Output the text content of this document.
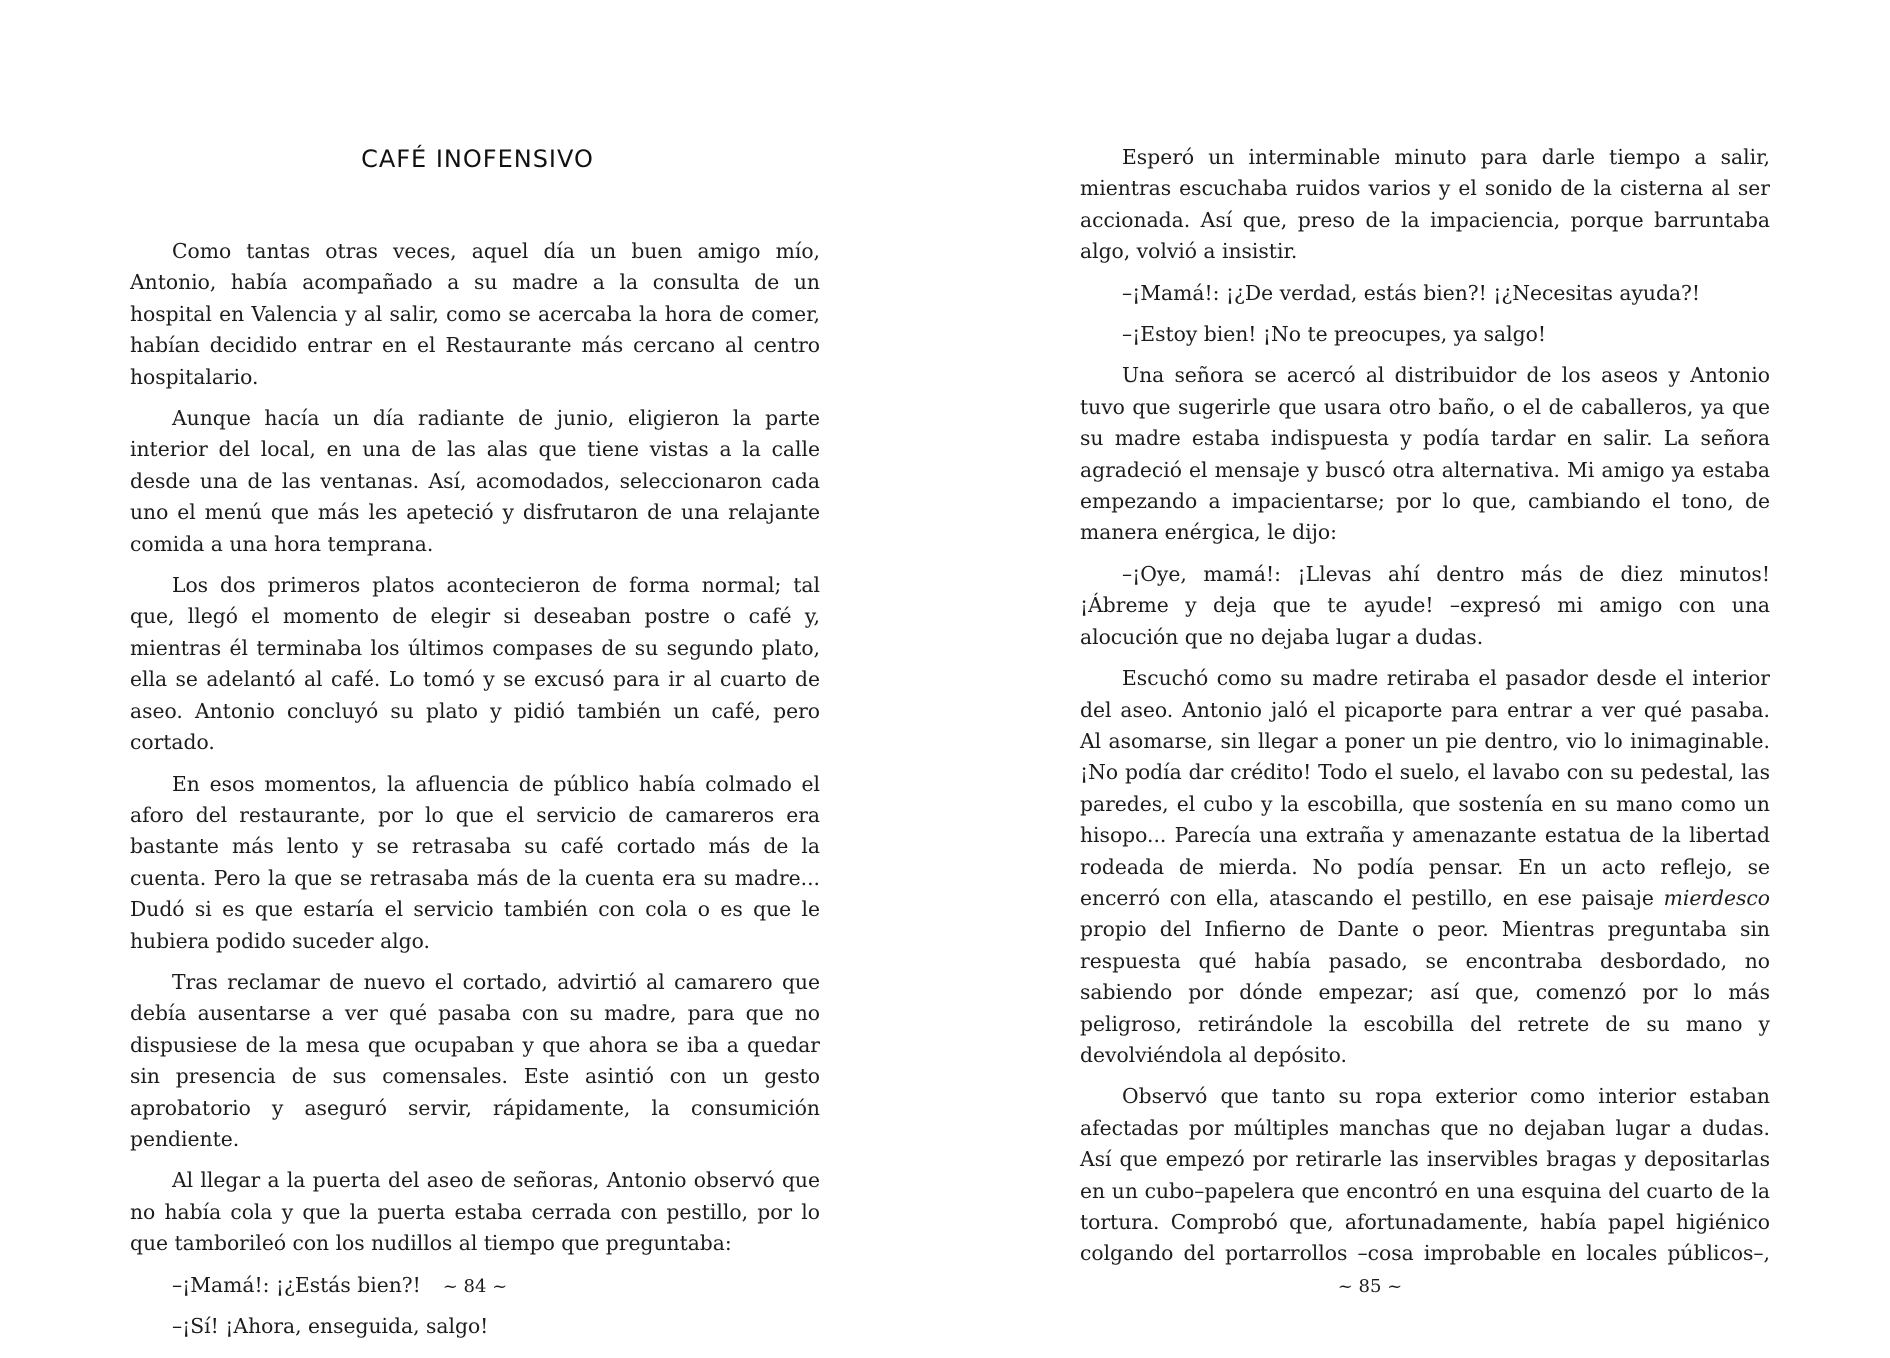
CAFÉ INOFENSIVO

Como tantas otras veces, aquel día un buen amigo mío, Antonio, había acompañado a su madre a la consulta de un hospital en Valencia y al salir, como se acercaba la hora de comer, habían decidido entrar en el Restaurante más cercano al centro hospitalario.

Aunque hacía un día radiante de junio, eligieron la parte interior del local, en una de las alas que tiene vistas a la calle desde una de las ventanas. Así, acomodados, seleccionaron cada uno el menú que más les apeteció y disfrutaron de una relajante comida a una hora temprana.

Los dos primeros platos acontecieron de forma normal; tal que, llegó el momento de elegir si deseaban postre o café y, mientras él terminaba los últimos compases de su segundo plato, ella se adelantó al café. Lo tomó y se excusó para ir al cuarto de aseo. Antonio concluyó su plato y pidió también un café, pero cortado.

En esos momentos, la afluencia de público había colmado el aforo del restaurante, por lo que el servicio de camareros era bastante más lento y se retrasaba su café cortado más de la cuenta. Pero la que se retrasaba más de la cuenta era su madre... Dudó si es que estaría el servicio también con cola o es que le hubiera podido suceder algo.

Tras reclamar de nuevo el cortado, advirtió al camarero que debía ausentarse a ver qué pasaba con su madre, para que no dispusiese de la mesa que ocupaban y que ahora se iba a quedar sin presencia de sus comensales. Este asintió con un gesto aprobatorio y aseguró servir, rápidamente, la consumición pendiente.

Al llegar a la puerta del aseo de señoras, Antonio observó que no había cola y que la puerta estaba cerrada con pestillo, por lo que tamborileó con los nudillos al tiempo que preguntaba:

–¡Mamá!: ¡¿Estás bien?!

–¡Sí! ¡Ahora, enseguida, salgo!

~ 84 ~

Esperó un interminable minuto para darle tiempo a salir, mientras escuchaba ruidos varios y el sonido de la cisterna al ser accionada. Así que, preso de la impaciencia, porque barruntaba algo, volvió a insistir.

–¡Mamá!: ¡¿De verdad, estás bien?! ¡¿Necesitas ayuda?!

–¡Estoy bien! ¡No te preocupes, ya salgo!

Una señora se acercó al distribuidor de los aseos y Antonio tuvo que sugerirle que usara otro baño, o el de caballeros, ya que su madre estaba indispuesta y podía tardar en salir. La señora agradeció el mensaje y buscó otra alternativa. Mi amigo ya estaba empezando a impacientarse; por lo que, cambiando el tono, de manera enérgica, le dijo:

–¡Oye, mamá!: ¡Llevas ahí dentro más de diez minutos! ¡Ábreme y deja que te ayude! –expresó mi amigo con una alocución que no dejaba lugar a dudas.

Escuchó como su madre retiraba el pasador desde el interior del aseo. Antonio jaló el picaporte para entrar a ver qué pasaba. Al asomarse, sin llegar a poner un pie dentro, vio lo inimaginable. ¡No podía dar crédito! Todo el suelo, el lavabo con su pedestal, las paredes, el cubo y la escobilla, que sostenía en su mano como un hisopo... Parecía una extraña y amenazante estatua de la libertad rodeada de mierda. No podía pensar. En un acto reflejo, se encerró con ella, atascando el pestillo, en ese paisaje mierdesco propio del Infierno de Dante o peor. Mientras preguntaba sin respuesta qué había pasado, se encontraba desbordado, no sabiendo por dónde empezar; así que, comenzó por lo más peligroso, retirándole la escobilla del retrete de su mano y devolviéndola al depósito.

Observó que tanto su ropa exterior como interior estaban afectadas por múltiples manchas que no dejaban lugar a dudas. Así que empezó por retirarle las inservibles bragas y depositarlas en un cubo–papelera que encontró en una esquina del cuarto de la tortura. Comprobó que, afortunadamente, había papel higiénico colgando del portarrollos –cosa improbable en locales públicos–,

~ 85 ~
